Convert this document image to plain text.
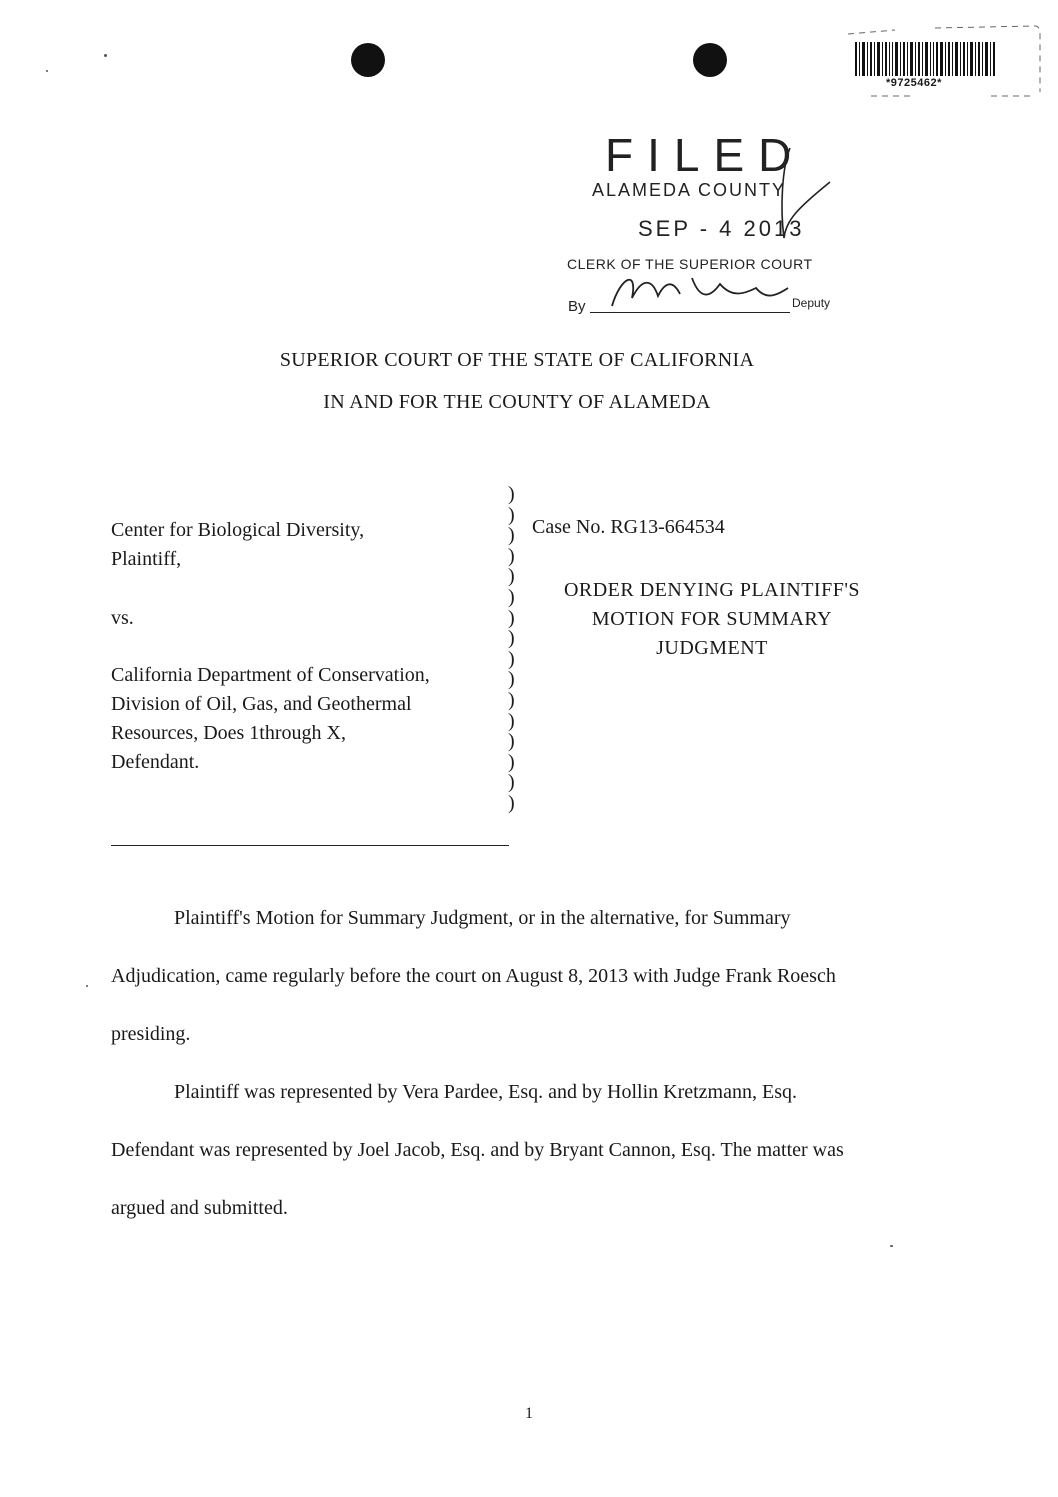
*9725462*
FILED
ALAMEDA COUNTY
SEP - 4 2013
CLERK OF THE SUPERIOR COURT
By	Deputy
SUPERIOR COURT OF THE STATE OF CALIFORNIA
IN AND FOR THE COUNTY OF ALAMEDA
Center for Biological Diversity,
Plaintiff,
vs.
California Department of Conservation,
Division of Oil, Gas, and Geothermal
Resources, Does 1through X,
Defendant.
)
)
)
)
)
)
)
)
)
)
)
)
)
)
)
)
Case No. RG13-664534
ORDER DENYING PLAINTIFF'S
MOTION FOR SUMMARY
JUDGMENT
Plaintiff's Motion for Summary Judgment, or in the alternative, for Summary
Adjudication, came regularly before the court on August 8, 2013 with Judge Frank Roesch
presiding.
Plaintiff was represented by Vera Pardee, Esq. and by Hollin Kretzmann, Esq.
Defendant was represented by Joel Jacob, Esq. and by Bryant Cannon, Esq. The matter was
argued and submitted.
1
